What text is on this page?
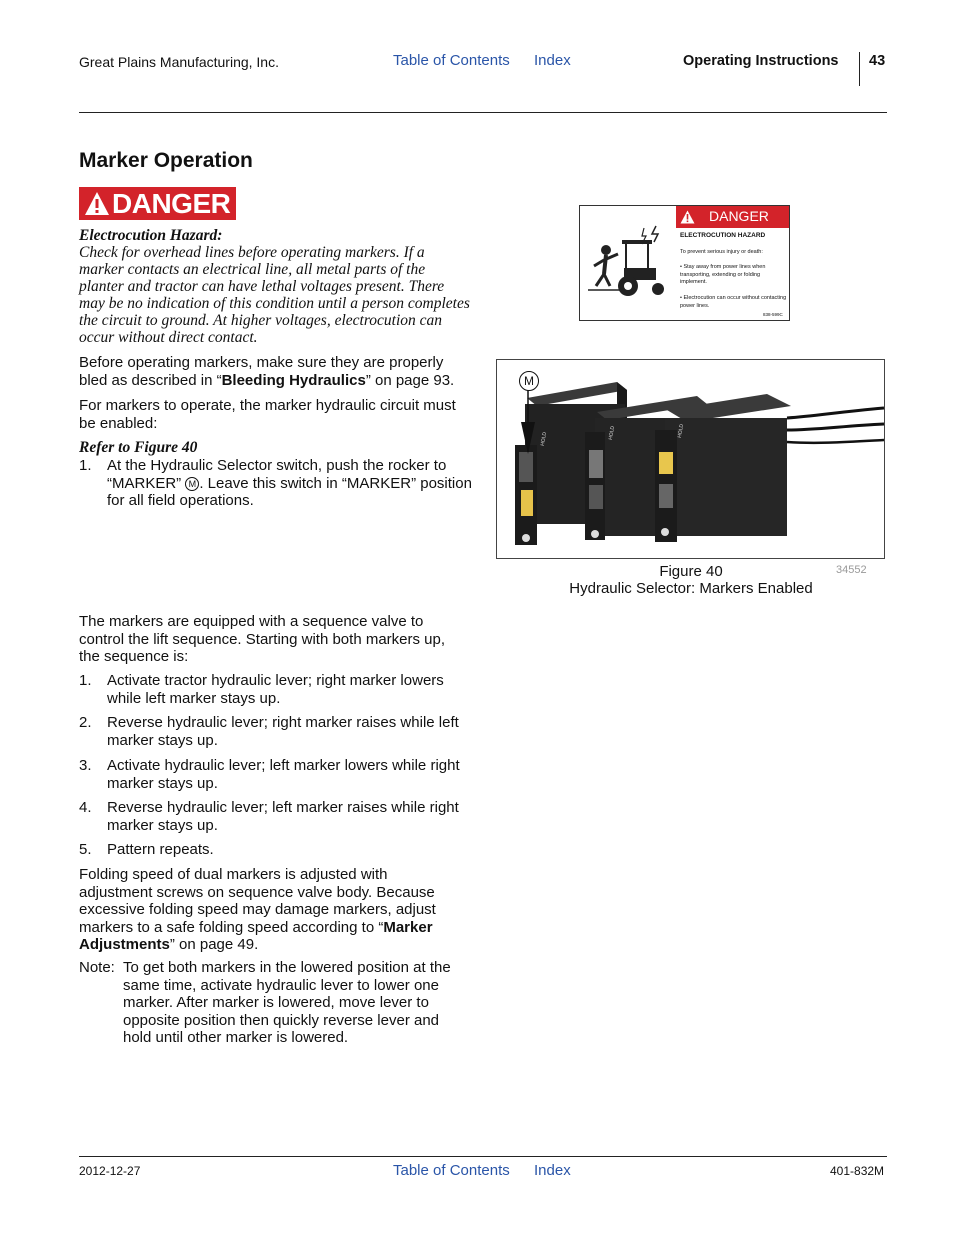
Great Plains Manufacturing, Inc.	Table of Contents Index	Operating Instructions 43
Marker Operation
DANGER
Electrocution Hazard:
Check for overhead lines before operating markers. If a marker contacts an electrical line, all metal parts of the planter and tractor can have lethal voltages present. There may be no indication of this condition until a person completes the circuit to ground. At higher voltages, electrocution can occur without direct contact.
DANGER
ELECTROCUTION HAZARD
To prevent serious injury or death:
• Stay away from power lines when transporting, extending or folding implement.
• Electrocution can occur without contacting power lines.
838-599C
Before operating markers, make sure they are properly bled as described in “Bleeding Hydraulics” on page 93.
For markers to operate, the marker hydraulic circuit must be enabled:
Refer to Figure 40
1. At the Hydraulic Selector switch, push the rocker to “MARKER” M . Leave this switch in “MARKER” position for all field operations.
M
HOLD	HOLD	HOLD
Figure 40	34552
Hydraulic Selector: Markers Enabled
The markers are equipped with a sequence valve to control the lift sequence. Starting with both markers up, the sequence is:
1. Activate tractor hydraulic lever; right marker lowers while left marker stays up.
2. Reverse hydraulic lever; right marker raises while left marker stays up.
3. Activate hydraulic lever; left marker lowers while right marker stays up.
4. Reverse hydraulic lever; left marker raises while right marker stays up.
5. Pattern repeats.
Folding speed of dual markers is adjusted with adjustment screws on sequence valve body. Because excessive folding speed may damage markers, adjust markers to a safe folding speed according to “Marker Adjustments” on page 49.
Note: To get both markers in the lowered position at the same time, activate hydraulic lever to lower one marker. After marker is lowered, move lever to opposite position then quickly reverse lever and hold until other marker is lowered.
2012-12-27	Table of Contents Index	401-832M
